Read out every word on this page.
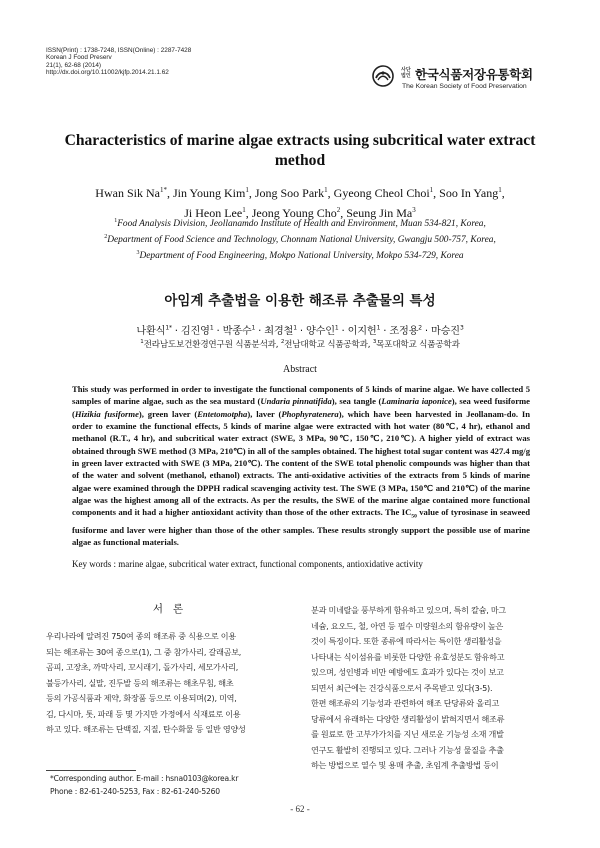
ISSN(Print) : 1738-7248, ISSN(Online) : 2287-7428
Korean J Food Preserv
21(1), 62-68 (2014)
http://dx.doi.org/10.11002/kjfp.2014.21.1.62	사단 법인 한국식품저장유통학회
The Korean Society of Food Preservation
Characteristics of marine algae extracts using subcritical water extract method
Hwan Sik $Na^{1*}$, Jin Young Kim$^1$, Jong Soo Park$^1$, Gyeong Cheol Choi$^1$, Soo In Yang$^1$,
Ji Heon Lee$^1$, Jeong Young Cho$^2$, Seung Jin Ma$^3$
$^1$Food Analysis Division, Jeollanamdo Institute of Health and Environment, Muan 534-821, Korea,
$^2$Department of Food Science and Technology, Chonnam National University, Gwangju 500-757, Korea,
$^3$Department of Food Engineering, Mokpo National University, Mokpo 534-729, Korea
아임계 추출법을 이용한 해조류 추출물의 특성
나환식$^{1*}$ · 김진영$^1$ · 박종수$^1$ · 최경철$^1$ · 양수인$^1$ · 이지헌$^1$ · 조정용$^2$ · 마승진$^3$
$^1$전라남도보건환경연구원 식품분석과, $^2$전남대학교 식품공학과, $^3$목포대학교 식품공학과
Abstract

This study was performed in order to investigate the functional components of 5 kinds of marine algae. We have collected 5 samples of marine algae, such as the sea mustard (Undaria pinnatifida), sea tangle (Laminaria iaponice), sea weed fusiforme (Hizikia fusiforme), green laver (Entetomotpha), laver (Phophyratenera), which have been harvested in Jeollanam-do. In order to examine the functional effects, 5 kinds of marine algae were extracted with hot water (80℃, 4 hr), ethanol and methanol (R.T., 4 hr), and subcritical water extract (SWE, 3 MPa, 90℃, 150℃, 210℃). A higher yield of extract was obtained through SWE method (3 MPa, 210℃) in all of the samples obtained. The highest total sugar content was 427.4 mg/g in green laver extracted with SWE (3 MPa, 210℃). The content of the SWE total phenolic compounds was higher than that of the water and solvent (methanol, ethanol) extracts. The anti-oxidative activities of the extracts from 5 kinds of marine algae were examined through the DPPH radical scavenging activity test. The SWE (3 MPa, 150℃ and 210℃) of the marine algae was the highest among all of the extracts. As per the results, the SWE of the marine algae contained more functional components and it had a higher antioxidant activity than those of the other extracts. The $IC_{50}$ value of tyrosinase in seaweed fusiforme and laver were higher than those of the other samples. These results strongly support the possible use of marine algae as functional materials.

Key words : marine algae, subcritical water extract, functional components, antioxidative activity
서론
우리나라에 알려진 750여 종의 해조류 중 식용으로 이용
되는 해조류는 30여 종으로(1), 그 중 참가사리, 갈래곰보,
곰피, 고장초, 까막사리, 꼬시래기, 돌가사리, 세모가사리,
불등가사리, 실말, 진두발 등의 해조류는 해초무침, 해초
등의 가공식품과 제약, 화장품 등으로 이용되며(2), 미역,
김, 다시마, 톳, 파래 등 몇 가지만 가정에서 식재료로 이용
하고 있다. 해조류는 단백질, 지질, 탄수화물 등 일반 영양성
분과 미네랄을 풍부하게 함유하고 있으며, 특히 칼슘, 마그
네슘, 요오드, 철, 아연 등 필수 미량원소의 함유량이 높은
것이 특징이다. 또한 종류에 따라서는 특이한 생리활성을
나타내는 식이섬유를 비롯한 다양한 유효성분도 함유하고
있으며, 성인병과 비만 예방에도 효과가 있다는 것이 보고
되면서 최근에는 건강식품으로서 주목받고 있다(3-5).
한편 해조류의 기능성과 관련하여 해조 단당류와 올리고
당류에서 유래하는 다양한 생리활성이 밝혀지면서 해조류
를 원료로 한 고부가가치를 지닌 새로운 기능성 소재 개발
연구도 활발히 진행되고 있다. 그러나 기능성 물질을 추출
하는 방법으로 열수 및 용매 추출, 초임계 추출방법 등이
*Corresponding author. E-mail : hsna0103@korea.kr
Phone : 82-61-240-5253, Fax : 82-61-240-5260
- 62 -
